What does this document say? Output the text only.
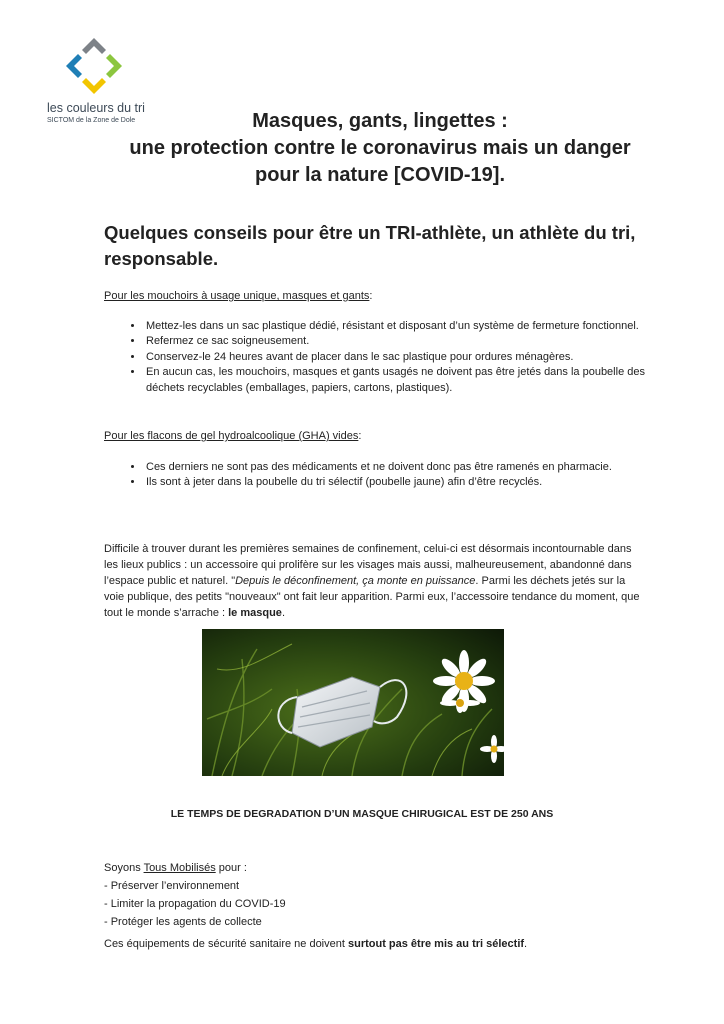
les couleurs du tri
SICTOM de la Zone de Dole	Masques, gants, lingettes :
une protection contre le coronavirus mais un danger
pour la nature [COVID-19].
Quelques conseils pour être un TRI-athlète, un athlète du tri, responsable.
Pour les mouchoirs à usage unique, masques et gants:
• Mettez-les dans un sac plastique dédié, résistant et disposant d’un système de fermeture fonctionnel.
• Refermez ce sac soigneusement.
• Conservez-le 24 heures avant de placer dans le sac plastique pour ordures ménagères.
• En aucun cas, les mouchoirs, masques et gants usagés ne doivent pas être jetés dans la poubelle des déchets recyclables (emballages, papiers, cartons, plastiques).
Pour les flacons de gel hydroalcoolique (GHA) vides:
• Ces derniers ne sont pas des médicaments et ne doivent donc pas être ramenés en pharmacie.
• Ils sont à jeter dans la poubelle du tri sélectif (poubelle jaune) afin d’être recyclés.
Difficile à trouver durant les premières semaines de confinement, celui-ci est désormais incontournable dans les lieux publics : un accessoire qui prolifère sur les visages mais aussi, malheureusement, abandonné dans l’espace public et naturel. "Depuis le déconfinement, ça monte en puissance. Parmi les déchets jetés sur la voie publique, des petits "nouveaux" ont fait leur apparition. Parmi eux, l’accessoire tendance du moment, que tout le monde s’arrache : le masque.
LE TEMPS DE DEGRADATION D’UN MASQUE CHIRUGICAL EST DE 250 ANS
Soyons Tous Mobilisés pour :
- Préserver l’environnement
- Limiter la propagation du COVID-19
- Protéger les agents de collecte
Ces équipements de sécurité sanitaire ne doivent surtout pas être mis au tri sélectif.
